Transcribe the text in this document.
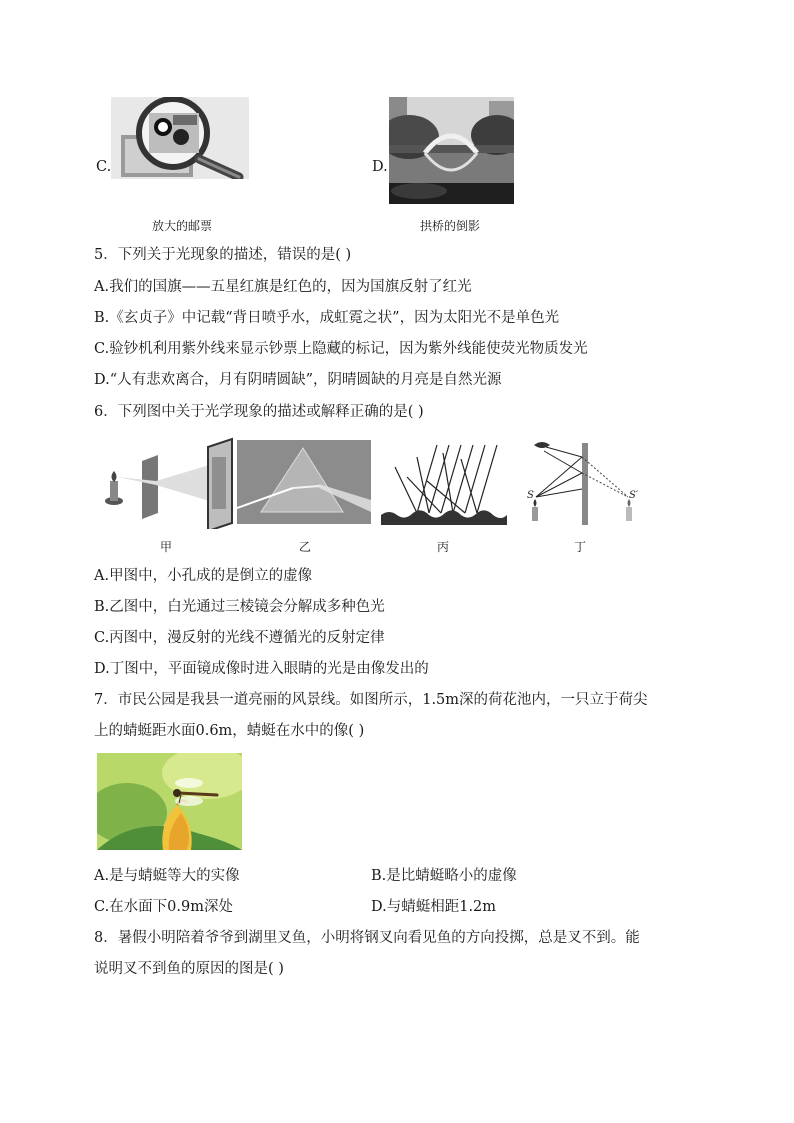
C.
放大的邮票
D.
拱桥的倒影
5．下列关于光现象的描述，错误的是( )
A.我们的国旗——五星红旗是红色的，因为国旗反射了红光
B.《玄贞子》中记载“背日喷乎水，成虹霓之状”，因为太阳光不是单色光
C.验钞机利用紫外线来显示钞票上隐藏的标记，因为紫外线能使荧光物质发光
D.“人有悲欢离合，月有阴晴圆缺”，阴晴圆缺的月亮是自然光源
6．下列图中关于光学现象的描述或解释正确的是( )
甲	乙	丙
S	S′
丁
A.甲图中，小孔成的是倒立的虚像
B.乙图中，白光通过三棱镜会分解成多种色光
C.丙图中，漫反射的光线不遵循光的反射定律
D.丁图中，平面镜成像时进入眼睛的光是由像发出的
7．市民公园是我县一道亮丽的风景线。如图所示，1.5m深的荷花池内，一只立于荷尖
上的蜻蜓距水面0.6m，蜻蜓在水中的像( )
A.是与蜻蜓等大的实像	B.是比蜻蜓略小的虚像
C.在水面下0.9m深处	D.与蜻蜓相距1.2m
8．暑假小明陪着爷爷到湖里叉鱼，小明将钢叉向看见鱼的方向投掷，总是叉不到。能
说明叉不到鱼的原因的图是( )
